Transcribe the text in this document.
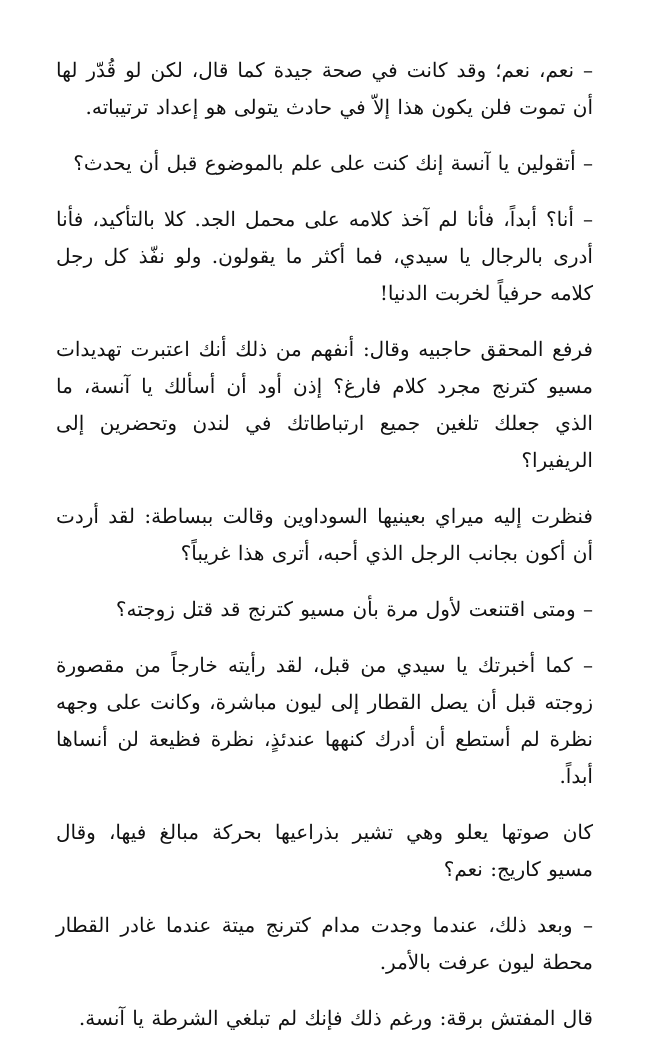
– نعم، نعم؛ وقد كانت في صحة جيدة كما قال، لكن لو قُدّر لها أن تموت فلن يكون هذا إلاّ في حادث يتولى هو إعداد ترتيباته.

– أتقولين يا آنسة إنك كنت على علم بالموضوع قبل أن يحدث؟

– أنا؟ أبداً، فأنا لم آخذ كلامه على محمل الجد. كلا بالتأكيد، فأنا أدرى بالرجال يا سيدي، فما أكثر ما يقولون. ولو نفّذ كل رجل كلامه حرفياً لخربت الدنيا!

فرفع المحقق حاجبيه وقال: أنفهم من ذلك أنك اعتبرت تهديدات مسيو كترنج مجرد كلام فارغ؟ إذن أود أن أسألك يا آنسة، ما الذي جعلك تلغين جميع ارتباطاتك في لندن وتحضرين إلى الريفيرا؟

فنظرت إليه ميراي بعينيها السوداوين وقالت ببساطة: لقد أردت أن أكون بجانب الرجل الذي أحبه، أترى هذا غريباً؟

– ومتى اقتنعت لأول مرة بأن مسيو كترنج قد قتل زوجته؟

– كما أخبرتك يا سيدي من قبل، لقد رأيته خارجاً من مقصورة زوجته قبل أن يصل القطار إلى ليون مباشرة، وكانت على وجهه نظرة لم أستطع أن أدرك كنهها عندئذٍ، نظرة فظيعة لن أنساها أبداً.

كان صوتها يعلو وهي تشير بذراعيها بحركة مبالغ فيها، وقال مسيو كاريج: نعم؟

– وبعد ذلك، عندما وجدت مدام كترنج ميتة عندما غادر القطار محطة ليون عرفت بالأمر.

قال المفتش برقة: ورغم ذلك فإنك لم تبلغي الشرطة يا آنسة.
